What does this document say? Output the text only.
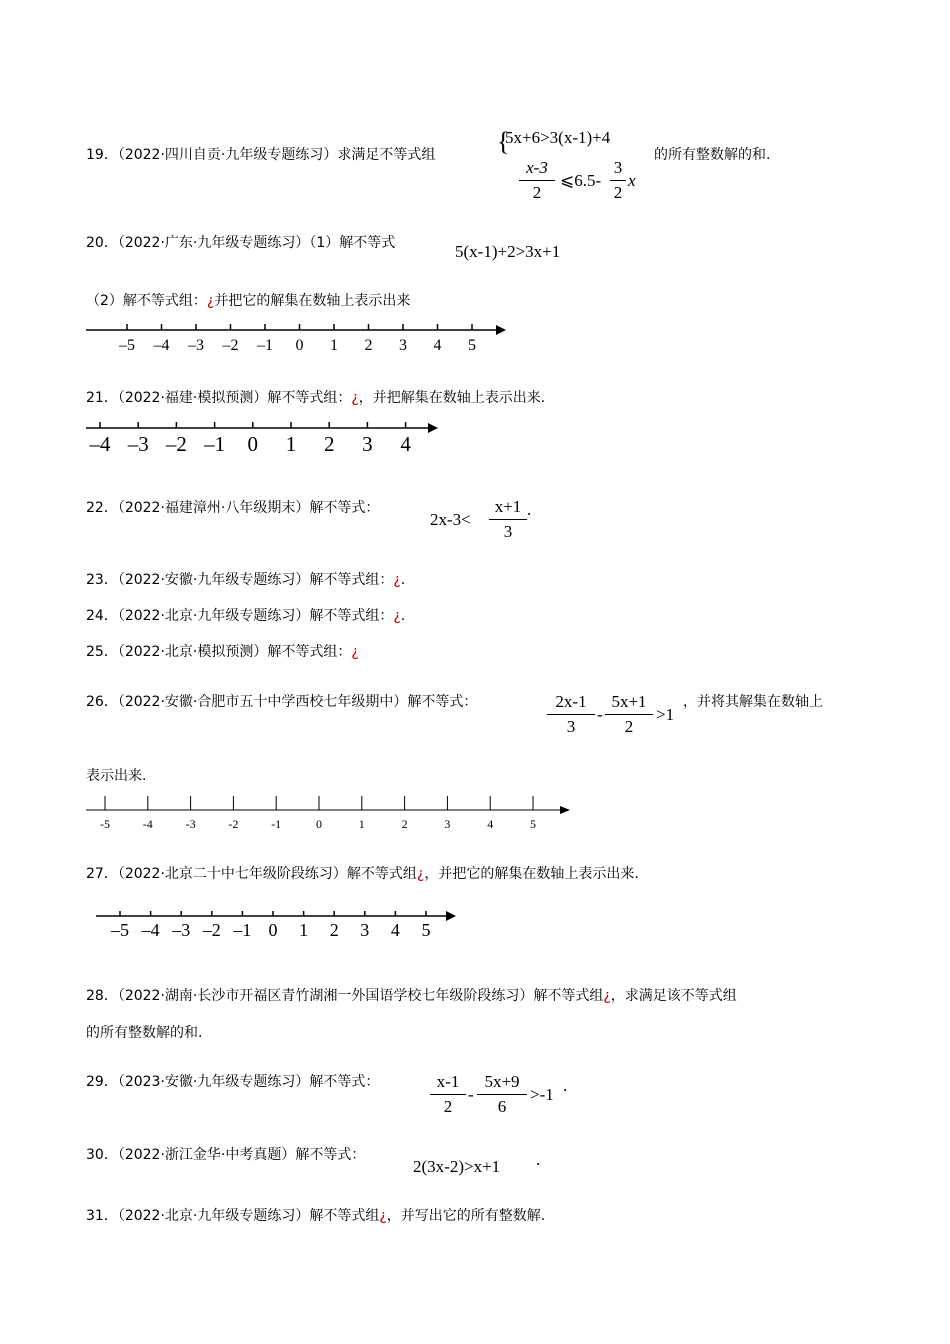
19．（2022·四川自贡·九年级专题练习）求满足不等式组 {
5x+6>3(x-1)+4
x-3
2
⩽6.5-
3
2
x
的所有整数解的和.
20．（2022·广东·九年级专题练习）（1）解不等式	5(x-1)+2>3x+1
（2）解不等式组：¿并把它的解集在数轴上表示出来
–5 –4 –3 –2 –1 0 1 2 3 4 5
21．（2022·福建·模拟预测）解不等式组：¿，并把解集在数轴上表示出来.
–4 –3 –2 –1 0 1 2 3 4
22．（2022·福建漳州·八年级期末）解不等式：
2x-3<
x+1
3
.
23．（2022·安徽·九年级专题练习）解不等式组：¿.
24．（2022·北京·九年级专题练习）解不等式组：¿.
25．（2022·北京·模拟预测）解不等式组：¿
26．（2022·安徽·合肥市五十中学西校七年级期中）解不等式：	2x-1
3
-
5x+1
2
>1
，并将其解集在数轴上
表示出来.
-5	-4	-3	-2	-1	0	1	2	3	4	5
27．（2022·北京二十中七年级阶段练习）解不等式组¿，并把它的解集在数轴上表示出来.
–5 –4 –3 –2 –1 0 1 2 3 4 5
28．（2022·湖南·长沙市开福区青竹湖湘一外国语学校七年级阶段练习）解不等式组¿，求满足该不等式组
的所有整数解的和.
29．（2023·安徽·九年级专题练习）解不等式：	x-1
2
-
5x+9
6
>-1 .
30．（2022·浙江金华·中考真题）解不等式：
2(3x-2)>x+1 .
31．（2022·北京·九年级专题练习）解不等式组¿，并写出它的所有整数解.
